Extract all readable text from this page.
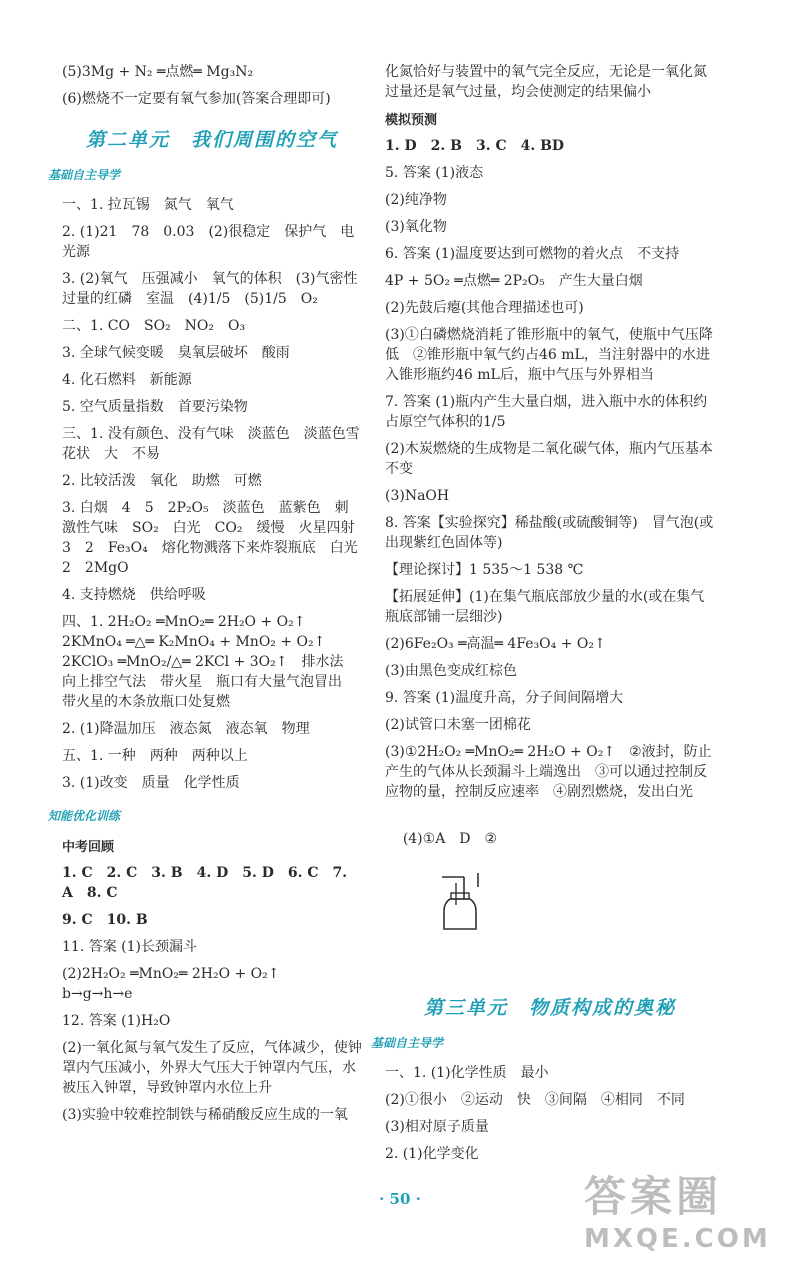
(5)3Mg + N₂ ═点燃═ Mg₃N₂
(6)燃烧不一定要有氧气参加(答案合理即可)
第二单元　我们周围的空气
基础自主导学
一、1. 拉瓦锡　氮气　氧气
2. (1)21　78　0.03　(2)很稳定　保护气　电光源
3. (2)氧气　压强减小　氧气的体积　(3)气密性　过量的红磷　室温　(4)1/5　(5)1/5　O₂
二、1. CO　SO₂　NO₂　O₃
3. 全球气候变暖　臭氧层破坏　酸雨
4. 化石燃料　新能源
5. 空气质量指数　首要污染物
三、1. 没有颜色、没有气味　淡蓝色　淡蓝色雪花状　大　不易
2. 比较活泼　氧化　助燃　可燃
3. 白烟　4　5　2P₂O₅　淡蓝色　蓝紫色　刺激性气味　SO₂　白光　CO₂　缓慢　火星四射　3　2　Fe₃O₄　熔化物溅落下来炸裂瓶底　白光　2　2MgO
4. 支持燃烧　供给呼吸
四、1. 2H₂O₂ ═MnO₂═ 2H₂O + O₂↑　2KMnO₄ ═△═ K₂MnO₄ + MnO₂ + O₂↑　2KClO₃ ═MnO₂/△═ 2KCl + 3O₂↑　排水法　向上排空气法　带火星　瓶口有大量气泡冒出　带火星的木条放瓶口处复燃
2. (1)降温加压　液态氮　液态氧　物理
五、1. 一种　两种　两种以上
3. (1)改变　质量　化学性质
知能优化训练
中考回顾
1. C　2. C　3. B　4. D　5. D　6. C　7. A　8. C
9. C　10. B
11. 答案 (1)长颈漏斗
(2)2H₂O₂ ═MnO₂═ 2H₂O + O₂↑　b→g→h→e
12. 答案 (1)H₂O
(2)一氧化氮与氧气发生了反应，气体减少，使钟罩内气压减小，外界大气压大于钟罩内气压，水被压入钟罩，导致钟罩内水位上升
(3)实验中较难控制铁与稀硝酸反应生成的一氧
化氮恰好与装置中的氧气完全反应，无论是一氧化氮过量还是氧气过量，均会使测定的结果偏小
模拟预测
1. D　2. B　3. C　4. BD
5. 答案 (1)液态
(2)纯净物
(3)氧化物
6. 答案 (1)温度要达到可燃物的着火点　不支持
4P + 5O₂ ═点燃═ 2P₂O₅　产生大量白烟
(2)先鼓后瘪(其他合理描述也可)
(3)①白磷燃烧消耗了锥形瓶中的氧气，使瓶中气压降低　②锥形瓶中氧气约占46 mL，当注射器中的水进入锥形瓶约46 mL后，瓶中气压与外界相当
7. 答案 (1)瓶内产生大量白烟，进入瓶中水的体积约占原空气体积的1/5
(2)木炭燃烧的生成物是二氧化碳气体，瓶内气压基本不变
(3)NaOH
8. 答案【实验探究】稀盐酸(或硫酸铜等)　冒气泡(或出现紫红色固体等)
【理论探讨】1 535～1 538 ℃
【拓展延伸】(1)在集气瓶底部放少量的水(或在集气瓶底部铺一层细沙)
(2)6Fe₂O₃ ═高温═ 4Fe₃O₄ + O₂↑
(3)由黑色变成红棕色
9. 答案 (1)温度升高，分子间间隔增大
(2)试管口未塞一团棉花
(3)①2H₂O₂ ═MnO₂═ 2H₂O + O₂↑　②液封，防止产生的气体从长颈漏斗上端逸出　③可以通过控制反应物的量，控制反应速率　④剧烈燃烧，发出白光

(4)①A　D　②

第三单元　物质构成的奥秘
基础自主导学
一、1. (1)化学性质　最小
(2)①很小　②运动　快　③间隔　④相同　不同
(3)相对原子质量
2. (1)化学变化
· 50 ·	答案圈
MXQE.COM
